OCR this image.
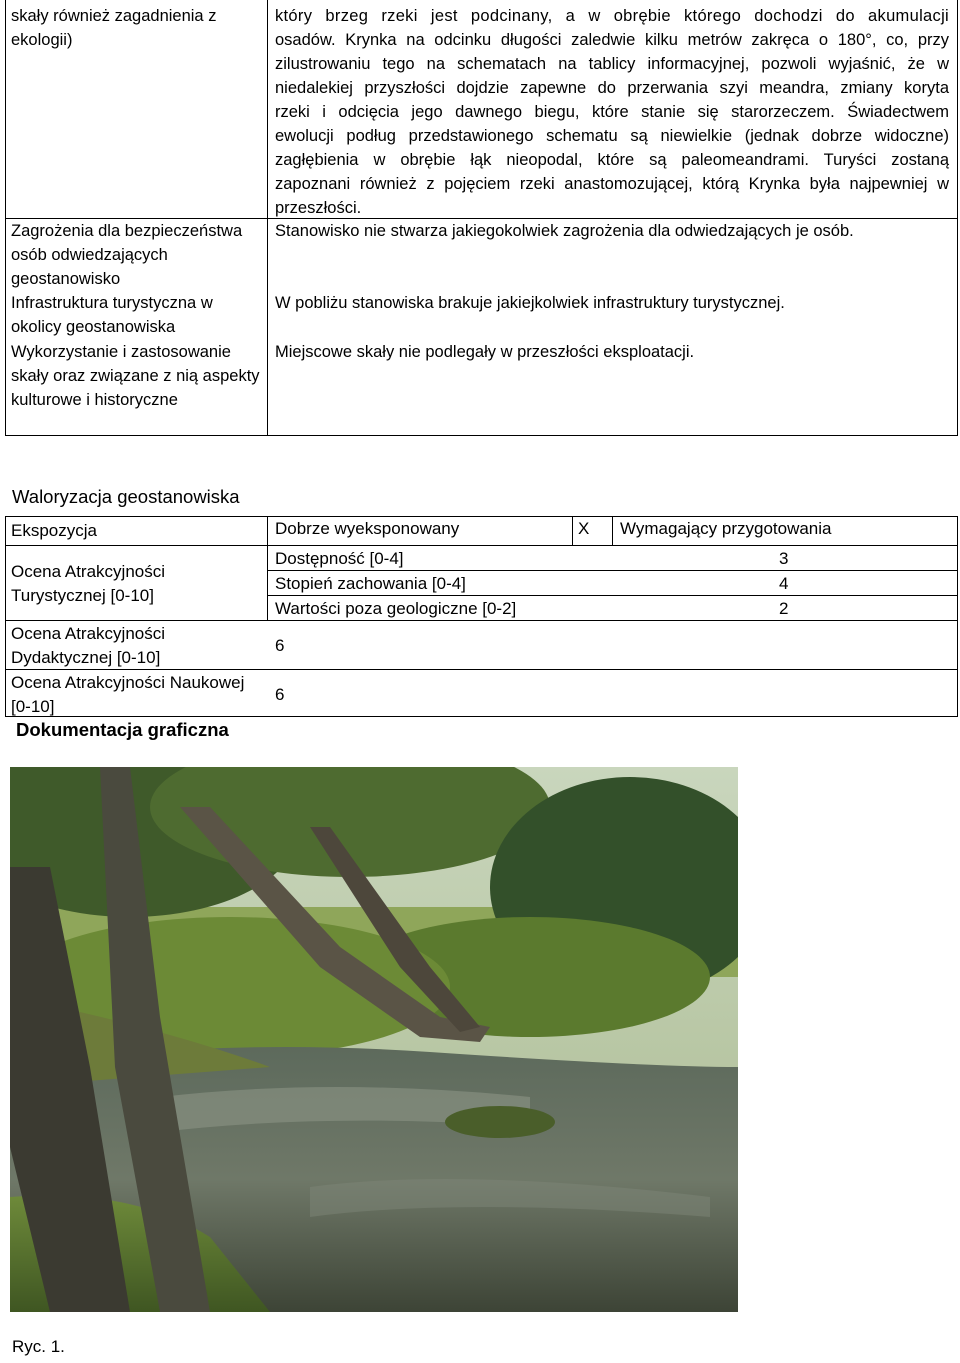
skały również zagadnienia z ekologii)
który brzeg rzeki jest podcinany, a w obrębie którego dochodzi do akumulacji
osadów. Krynka na odcinku długości zaledwie kilku metrów zakręca o 180°, co, przy
zilustrowaniu tego na schematach na tablicy informacyjnej, pozwoli wyjaśnić, że w
niedalekiej przyszłości dojdzie zapewne do przerwania szyi meandra, zmiany koryta
rzeki i odcięcia jego dawnego biegu, które stanie się starorzeczem. Świadectwem
ewolucji podług przedstawionego schematu są niewielkie (jednak dobrze widoczne)
zagłębienia w obrębie łąk nieopodal, które są paleomeandrami. Turyści zostaną
zapoznani również z pojęciem rzeki anastomozującej, którą Krynka była najpewniej w
przeszłości.
Zagrożenia dla bezpieczeństwa osób odwiedzających geostanowisko
Stanowisko nie stwarza jakiegokolwiek zagrożenia dla odwiedzających je osób.
Infrastruktura turystyczna w okolicy geostanowiska
W pobliżu stanowiska brakuje jakiejkolwiek infrastruktury turystycznej.
Wykorzystanie i zastosowanie skały oraz związane z nią aspekty kulturowe i historyczne
Miejscowe skały nie podlegały w przeszłości eksploatacji.
Waloryzacja geostanowiska
Ekspozycja	Dobrze wyeksponowany	X Wymagający przygotowania
Ocena Atrakcyjności Turystycznej [0-10]
Dostępność [0-4]	3
Stopień zachowania [0-4]	4
Wartości poza geologiczne [0-2]	2
Ocena Atrakcyjności Dydaktycznej [0-10]
6
Ocena Atrakcyjności Naukowej [0-10]
6
Dokumentacja graficzna
Ryc. 1.
